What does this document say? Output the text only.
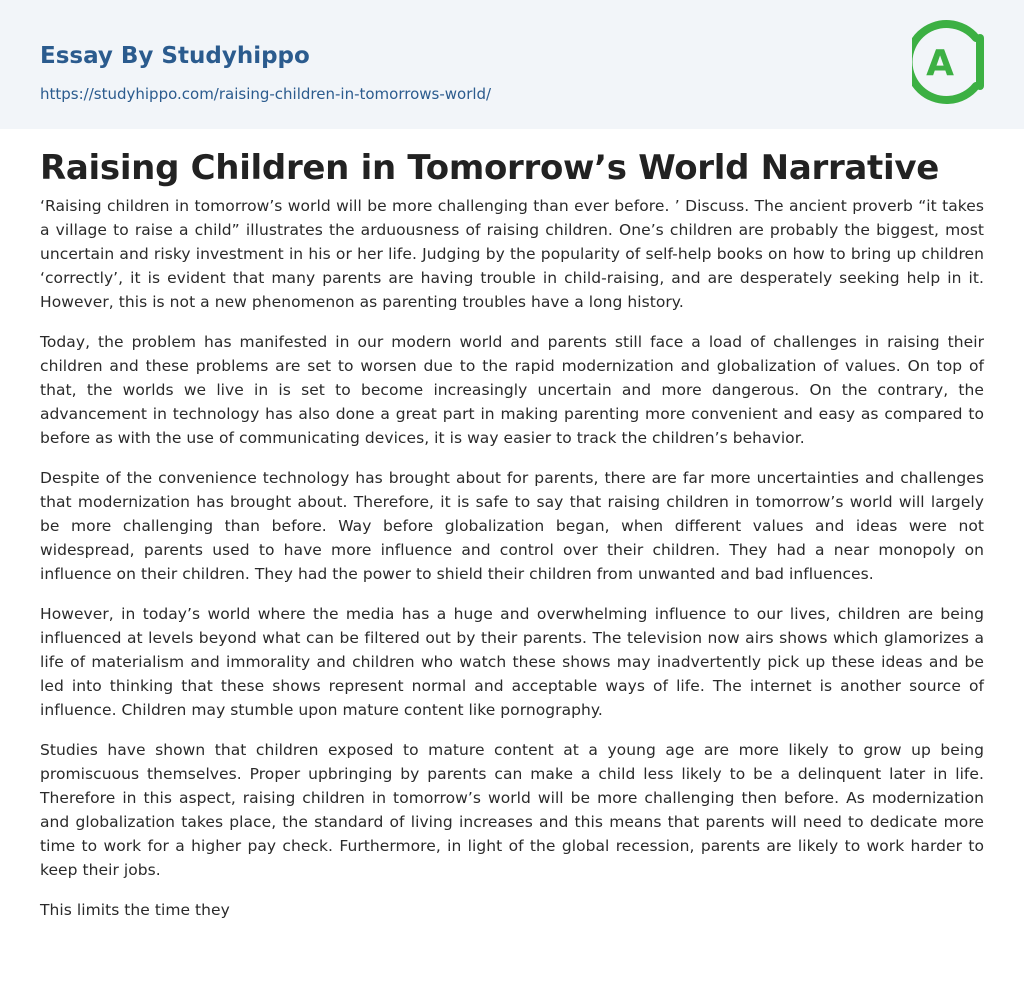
Essay By Studyhippo
https://studyhippo.com/raising-children-in-tomorrows-world/
A
Raising Children in Tomorrow’s World Narrative

‘Raising children in tomorrow’s world will be more challenging than ever before. ’ Discuss. The ancient proverb “it takes a village to raise a child” illustrates the arduousness of raising children. One’s children are probably the biggest, most uncertain and risky investment in his or her life. Judging by the popularity of self-help books on how to bring up children ‘correctly’, it is evident that many parents are having trouble in child-raising, and are desperately seeking help in it. However, this is not a new phenomenon as parenting troubles have a long history.

Today, the problem has manifested in our modern world and parents still face a load of challenges in raising their children and these problems are set to worsen due to the rapid modernization and globalization of values. On top of that, the worlds we live in is set to become increasingly uncertain and more dangerous. On the contrary, the advancement in technology has also done a great part in making parenting more convenient and easy as compared to before as with the use of communicating devices, it is way easier to track the children’s behavior.

Despite of the convenience technology has brought about for parents, there are far more uncertainties and challenges that modernization has brought about. Therefore, it is safe to say that raising children in tomorrow’s world will largely be more challenging than before. Way before globalization began, when different values and ideas were not widespread, parents used to have more influence and control over their children. They had a near monopoly on influence on their children. They had the power to shield their children from unwanted and bad influences.

However, in today’s world where the media has a huge and overwhelming influence to our lives, children are being influenced at levels beyond what can be filtered out by their parents. The television now airs shows which glamorizes a life of materialism and immorality and children who watch these shows may inadvertently pick up these ideas and be led into thinking that these shows represent normal and acceptable ways of life. The internet is another source of influence. Children may stumble upon mature content like pornography.

Studies have shown that children exposed to mature content at a young age are more likely to grow up being promiscuous themselves. Proper upbringing by parents can make a child less likely to be a delinquent later in life. Therefore in this aspect, raising children in tomorrow’s world will be more challenging then before. As modernization and globalization takes place, the standard of living increases and this means that parents will need to dedicate more time to work for a higher pay check. Furthermore, in light of the global recession, parents are likely to work harder to keep their jobs.

This limits the time they
